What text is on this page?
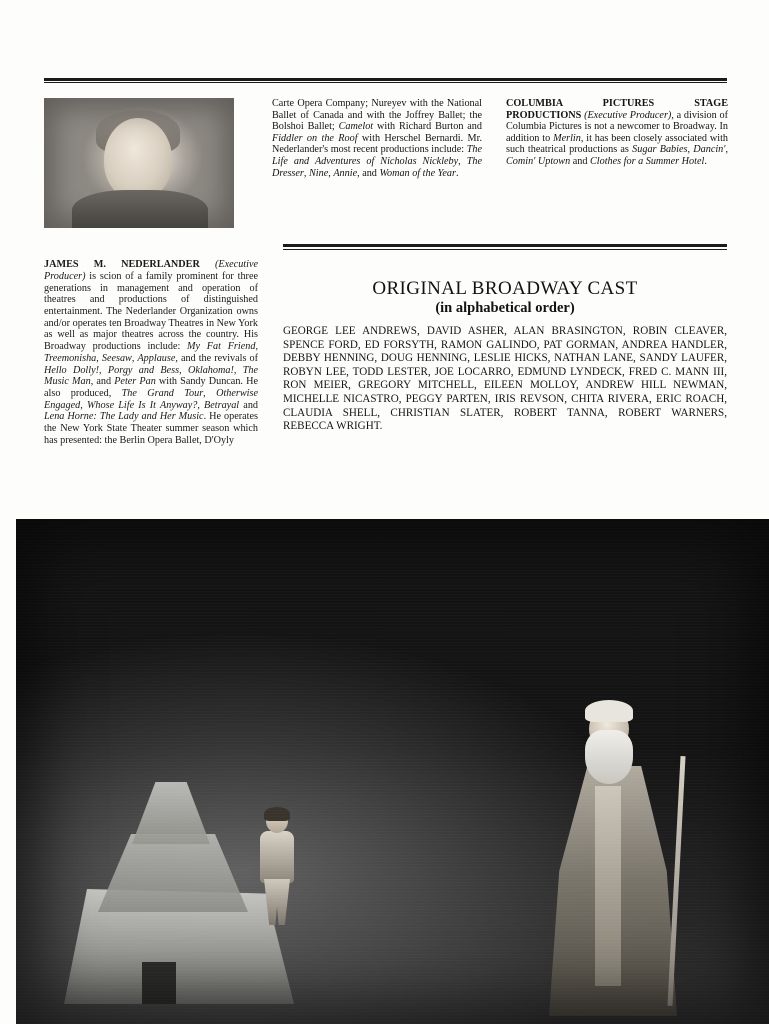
Carte Opera Company; Nureyev with the National Ballet of Canada and with the Joffrey Ballet; the Bolshoi Ballet; Camelot with Richard Burton and Fiddler on the Roof with Herschel Bernardi. Mr. Nederlander's most recent productions include: The Life and Adventures of Nicholas Nickleby, The Dresser, Nine, Annie, and Woman of the Year.

COLUMBIA PICTURES STAGE PRODUCTIONS (Executive Producer), a division of Columbia Pictures is not a newcomer to Broadway. In addition to Merlin, it has been closely associated with such theatrical productions as Sugar Babies, Dancin', Comin' Uptown and Clothes for a Summer Hotel.

JAMES M. NEDERLANDER (Executive Producer) is scion of a family prominent for three generations in management and operation of theatres and productions of distinguished entertainment. The Nederlander Organization owns and/or operates ten Broadway Theatres in New York as well as major theatres across the country. His Broadway productions include: My Fat Friend, Treemonisha, Seesaw, Applause, and the revivals of Hello Dolly!, Porgy and Bess, Oklahoma!, The Music Man, and Peter Pan with Sandy Duncan. He also produced, The Grand Tour, Otherwise Engaged, Whose Life Is It Anyway?, Betrayal and Lena Horne: The Lady and Her Music. He operates the New York State Theater summer season which has presented: the Berlin Opera Ballet, D'Oyly

ORIGINAL BROADWAY CAST
(in alphabetical order)
GEORGE LEE ANDREWS, DAVID ASHER, ALAN BRASINGTON, ROBIN CLEAVER, SPENCE FORD, ED FORSYTH, RAMON GALINDO, PAT GORMAN, ANDREA HANDLER, DEBBY HENNING, DOUG HENNING, LESLIE HICKS, NATHAN LANE, SANDY LAUFER, ROBYN LEE, TODD LESTER, JOE LOCARRO, EDMUND LYNDECK, FRED C. MANN III, RON MEIER, GREGORY MITCHELL, EILEEN MOLLOY, ANDREW HILL NEWMAN, MICHELLE NICASTRO, PEGGY PARTEN, IRIS REVSON, CHITA RIVERA, ERIC ROACH, CLAUDIA SHELL, CHRISTIAN SLATER, ROBERT TANNA, ROBERT WARNERS, REBECCA WRIGHT.
